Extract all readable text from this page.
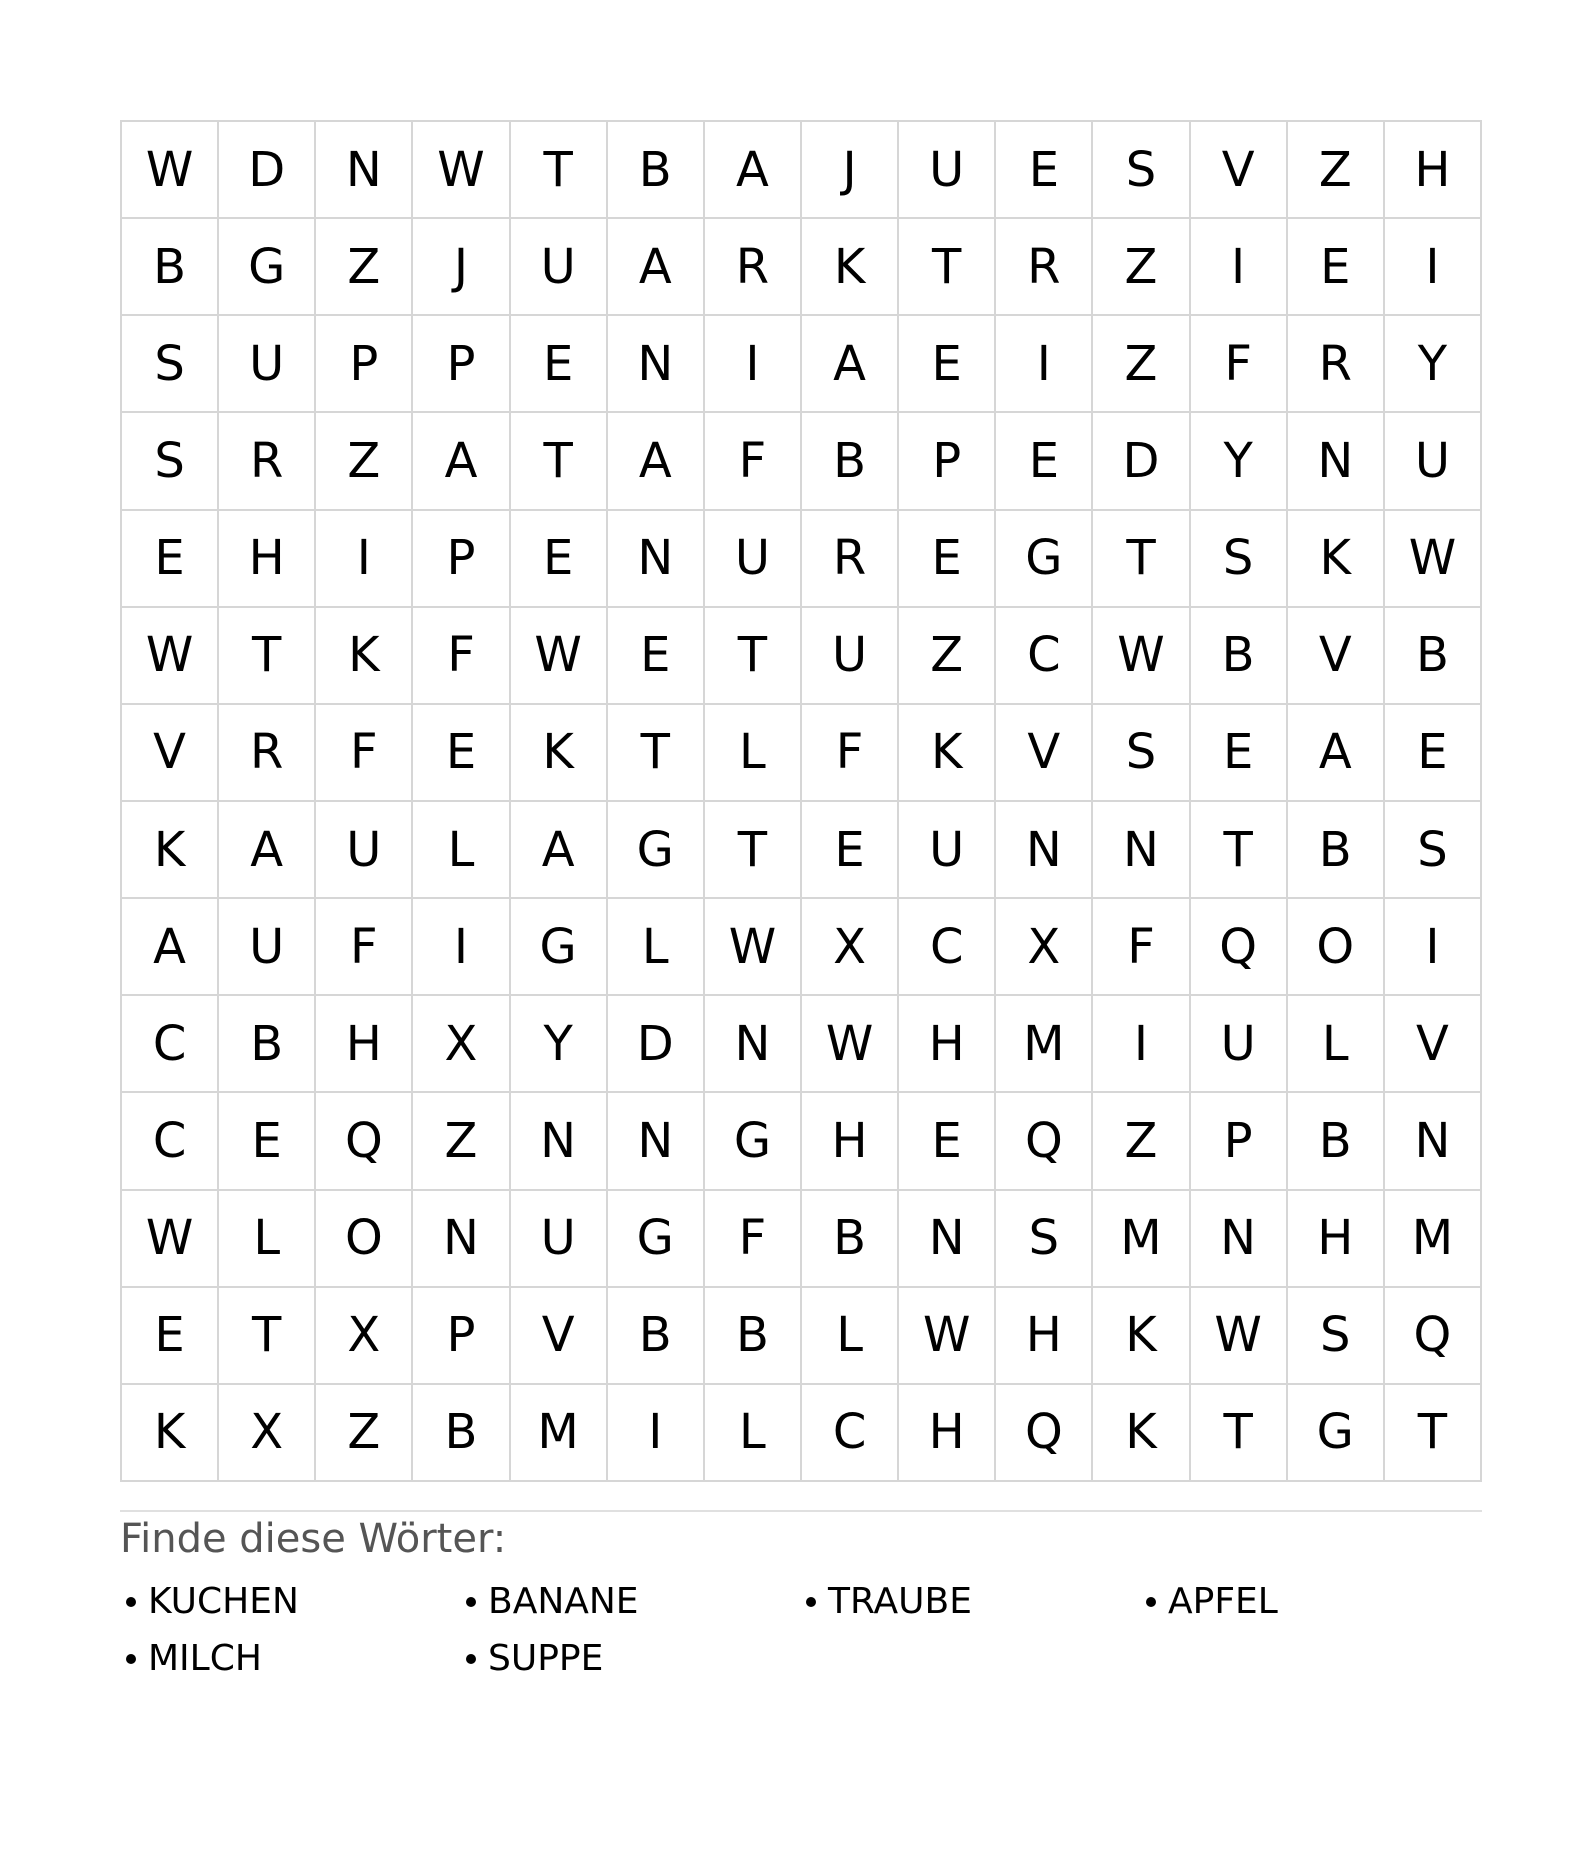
W	D	N	W	T	B	A	J	U	E	S	V	Z	H
B	G	Z	J	U	A	R	K	T	R	Z	I	E	I
S	U	P	P	E	N	I	A	E	I	Z	F	R	Y
S	R	Z	A	T	A	F	B	P	E	D	Y	N	U
E	H	I	P	E	N	U	R	E	G	T	S	K	W
W	T	K	F	W	E	T	U	Z	C	W	B	V	B
V	R	F	E	K	T	L	F	K	V	S	E	A	E
K	A	U	L	A	G	T	E	U	N	N	T	B	S
A	U	F	I	G	L	W	X	C	X	F	Q	O	I
C	B	H	X	Y	D	N	W	H	M	I	U	L	V
C	E	Q	Z	N	N	G	H	E	Q	Z	P	B	N
W	L	O	N	U	G	F	B	N	S	M	N	H	M
E	T	X	P	V	B	B	L	W	H	K	W	S	Q
K	X	Z	B	M	I	L	C	H	Q	K	T	G	T
Finde diese Wörter:
KUCHEN	BANANE	TRAUBE	APFEL
MILCH	SUPPE
